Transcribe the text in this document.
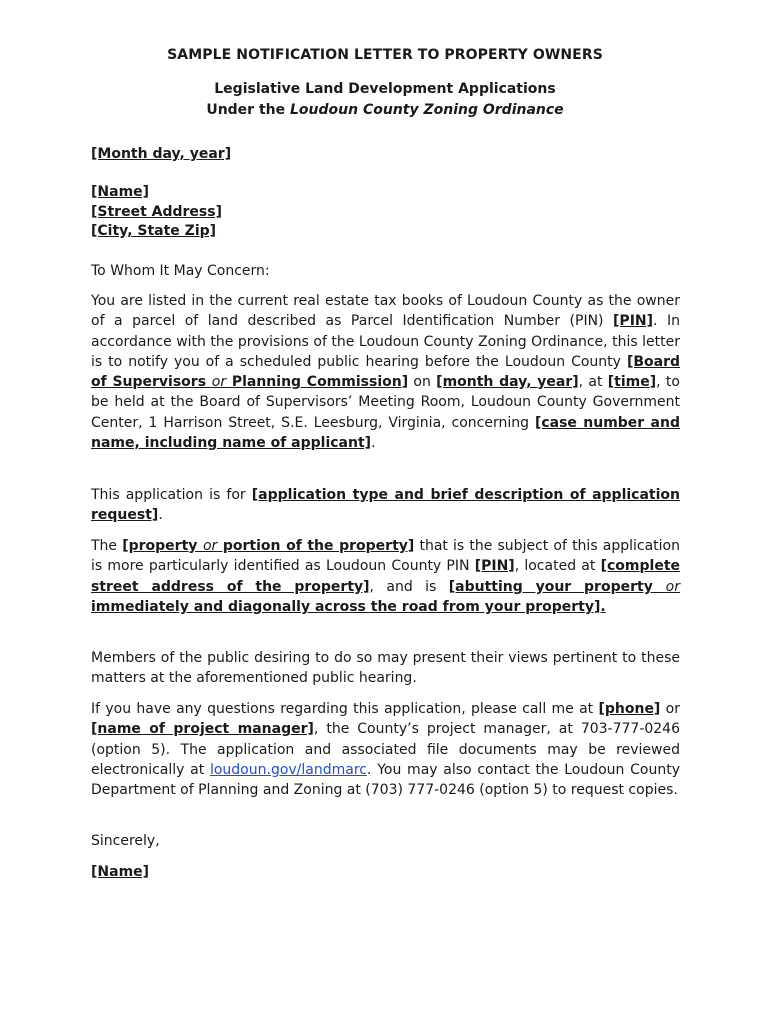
SAMPLE NOTIFICATION LETTER TO PROPERTY OWNERS
Legislative Land Development Applications
Under the Loudoun County Zoning Ordinance
[Month day, year]
[Name]
[Street Address]
[City, State Zip]
To Whom It May Concern:
You are listed in the current real estate tax books of Loudoun County as the owner of a parcel of land described as Parcel Identification Number (PIN) [PIN]. In accordance with the provisions of the Loudoun County Zoning Ordinance, this letter is to notify you of a scheduled public hearing before the Loudoun County [Board of Supervisors or Planning Commission] on [month day, year], at [time], to be held at the Board of Supervisors’ Meeting Room, Loudoun County Government Center, 1 Harrison Street, S.E. Leesburg, Virginia, concerning [case number and name, including name of applicant].
This application is for [application type and brief description of application request].
The [property or portion of the property] that is the subject of this application is more particularly identified as Loudoun County PIN [PIN], located at [complete street address of the property], and is [abutting your property or immediately and diagonally across the road from your property].
Members of the public desiring to do so may present their views pertinent to these matters at the aforementioned public hearing.
If you have any questions regarding this application, please call me at [phone] or [name of project manager], the County’s project manager, at 703-777-0246 (option 5). The application and associated file documents may be reviewed electronically at loudoun.gov/landmarc. You may also contact the Loudoun County Department of Planning and Zoning at (703) 777-0246 (option 5) to request copies.
Sincerely,
[Name]
